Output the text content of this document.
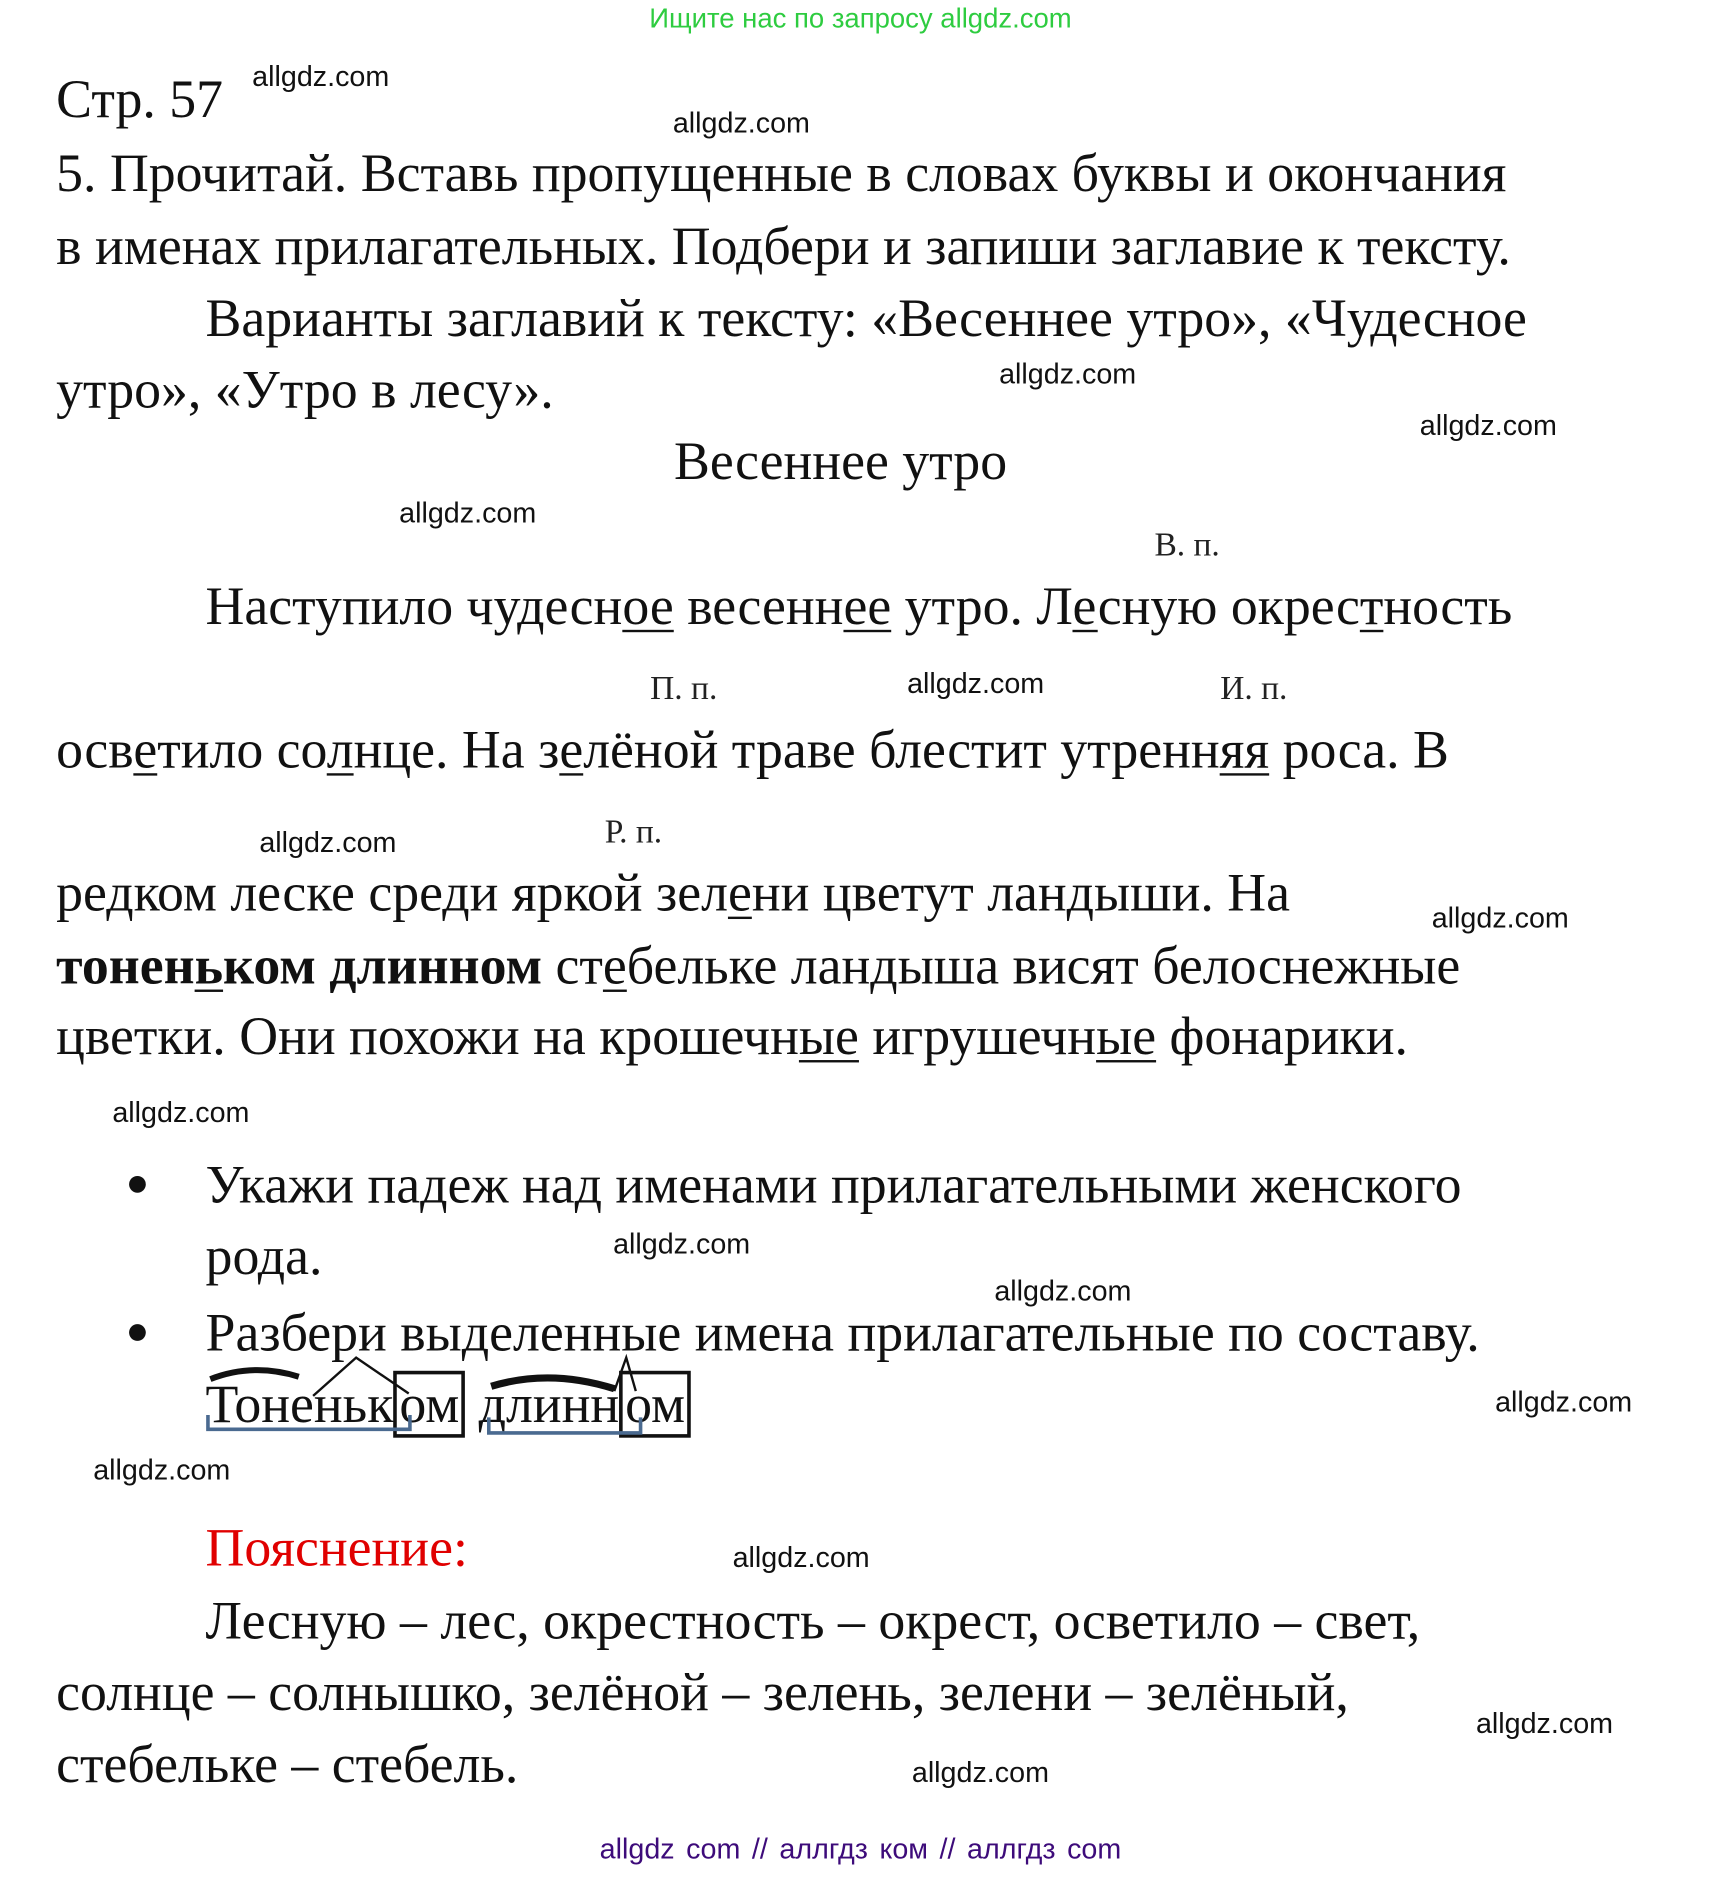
Ищите нас по запросу allgdz.com
Стр. 57
5. Прочитай. Вставь пропущенные в словах буквы и окончания
в именах прилагательных. Подбери и запиши заглавие к тексту.
Варианты заглавий к тексту: «Весеннее утро», «Чудесное
утро», «Утро в лесу».
Весеннее утро
В. п.
П. п.	И. п.
Р. п.
Наступило чудесное весеннее утро. Лесную окрестность
осветило солнце. На зелёной траве блестит утренняя роса. В
редком леске среди яркой зелени цветут ландыши. На
тоненьком длинном стебельке ландыша висят белоснежные
цветки. Они похожи на крошечные игрушечные фонарики.
Укажи падеж над именами прилагательными женского
рода.
Разбери выделенные имена прилагательные по составу.
Тоненьк ом длинн ом
Пояснение:
Лесную – лес, окрестность – окрест, осветило – свет,
солнце – солнышко, зелёной – зелень, зелени – зелёный,
стебельке – стебель.
allgdz.com
allgdz.com
allgdz.com
allgdz.com
allgdz.com
allgdz.com
allgdz.com
allgdz.com
allgdz.com
allgdz.com
allgdz.com
allgdz.com
allgdz.com
allgdz.com
allgdz.com
allgdz.com
allgdz com // аллгдз ком // аллгдз com
